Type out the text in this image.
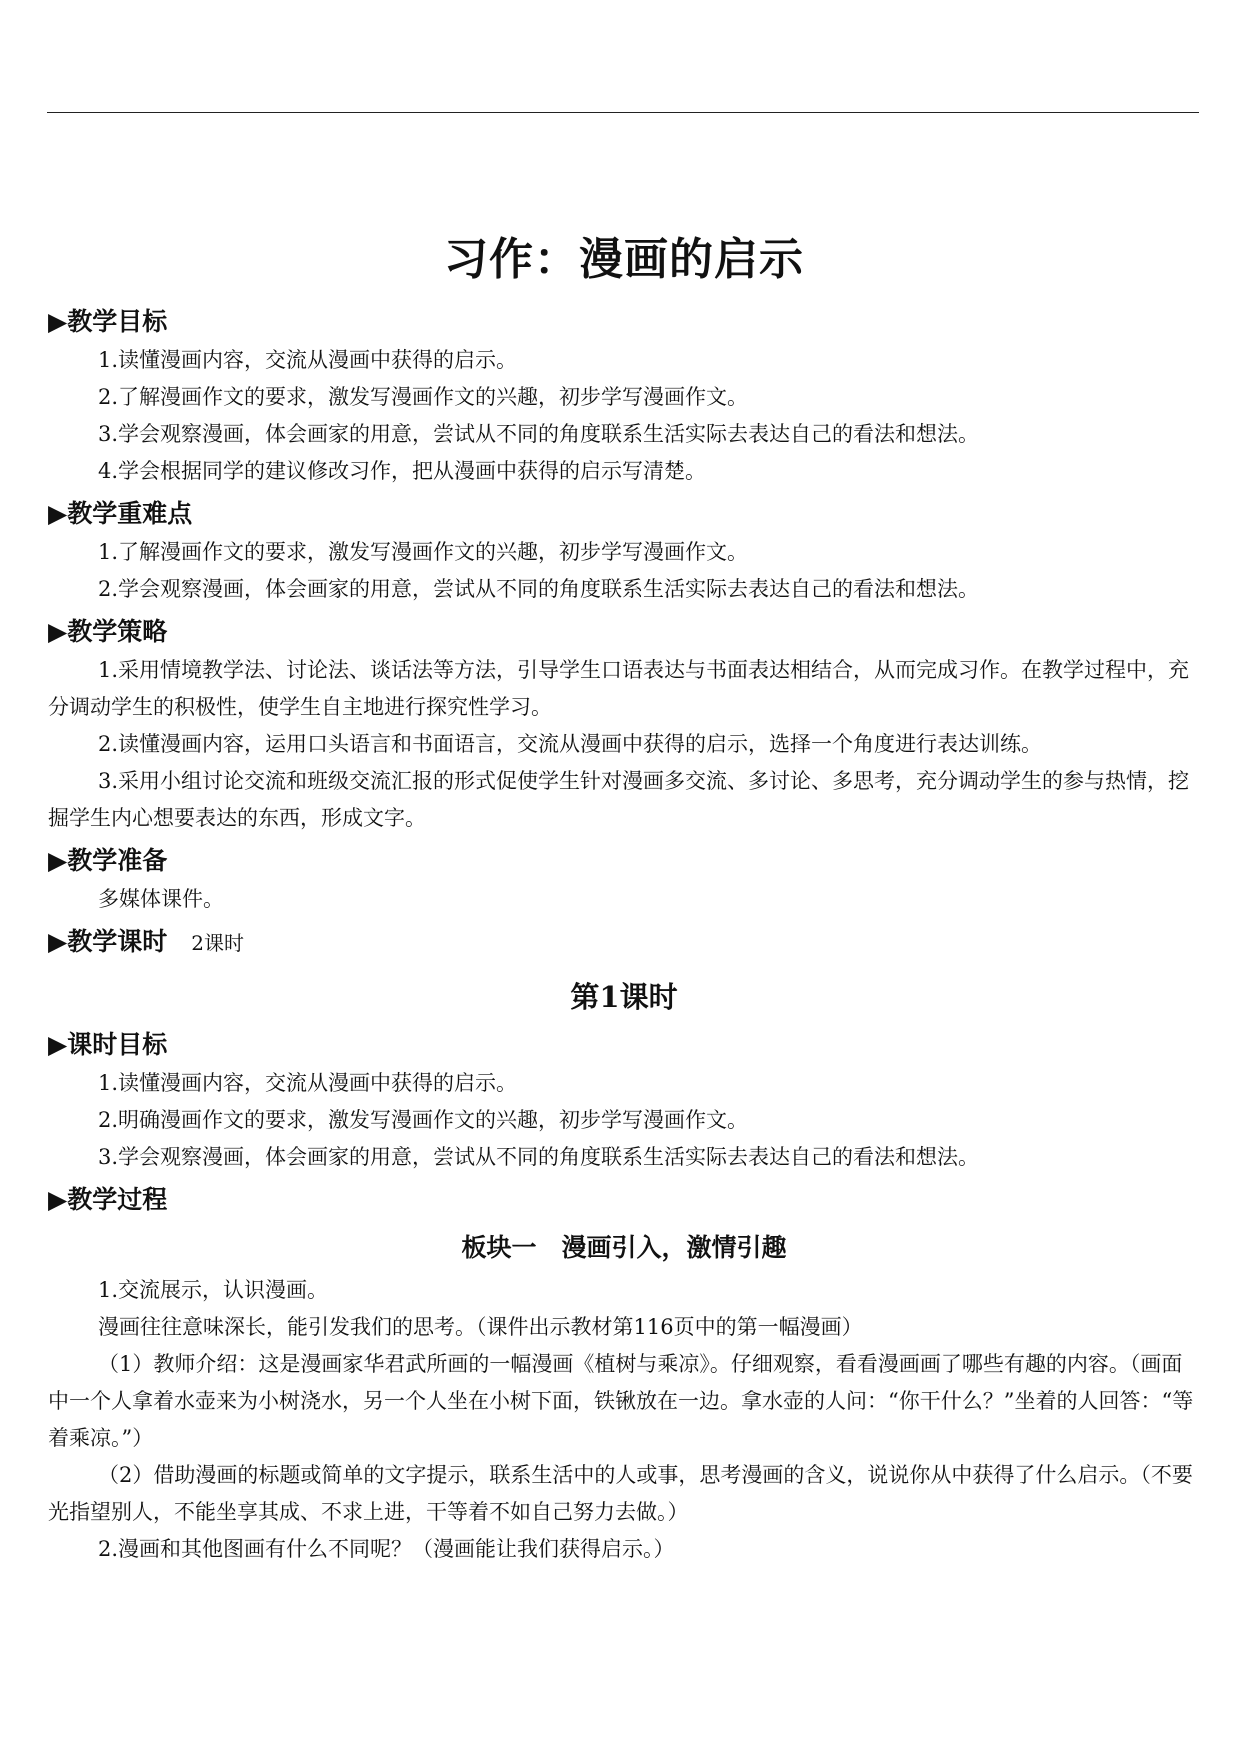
习作：漫画的启示
▶教学目标

1.读懂漫画内容，交流从漫画中获得的启示。

2.了解漫画作文的要求，激发写漫画作文的兴趣，初步学写漫画作文。

3.学会观察漫画，体会画家的用意，尝试从不同的角度联系生活实际去表达自己的看法和想法。

4.学会根据同学的建议修改习作，把从漫画中获得的启示写清楚。

▶教学重难点

1.了解漫画作文的要求，激发写漫画作文的兴趣，初步学写漫画作文。

2.学会观察漫画，体会画家的用意，尝试从不同的角度联系生活实际去表达自己的看法和想法。

▶教学策略

1.采用情境教学法、讨论法、谈话法等方法，引导学生口语表达与书面表达相结合，从而完成习作。在教学过程中，充分调动学生的积极性，使学生自主地进行探究性学习。

2.读懂漫画内容，运用口头语言和书面语言，交流从漫画中获得的启示，选择一个角度进行表达训练。

3.采用小组讨论交流和班级交流汇报的形式促使学生针对漫画多交流、多讨论、多思考，充分调动学生的参与热情，挖掘学生内心想要表达的东西，形成文字。

▶教学准备

多媒体课件。

▶教学课时 2课时
第1课时
▶课时目标

1.读懂漫画内容，交流从漫画中获得的启示。

2.明确漫画作文的要求，激发写漫画作文的兴趣，初步学写漫画作文。

3.学会观察漫画，体会画家的用意，尝试从不同的角度联系生活实际去表达自己的看法和想法。

▶教学过程
板块一　漫画引入，激情引趣

1.交流展示，认识漫画。

漫画往往意味深长，能引发我们的思考。（课件出示教材第116页中的第一幅漫画）

（1）教师介绍：这是漫画家华君武所画的一幅漫画《植树与乘凉》。仔细观察，看看漫画画了哪些有趣的内容。（画面中一个人拿着水壶来为小树浇水，另一个人坐在小树下面，铁锹放在一边。拿水壶的人问：“你干什么？”坐着的人回答：“等着乘凉。”）

（2）借助漫画的标题或简单的文字提示，联系生活中的人或事，思考漫画的含义，说说你从中获得了什么启示。（不要光指望别人，不能坐享其成、不求上进，干等着不如自己努力去做。）

2.漫画和其他图画有什么不同呢？（漫画能让我们获得启示。）
